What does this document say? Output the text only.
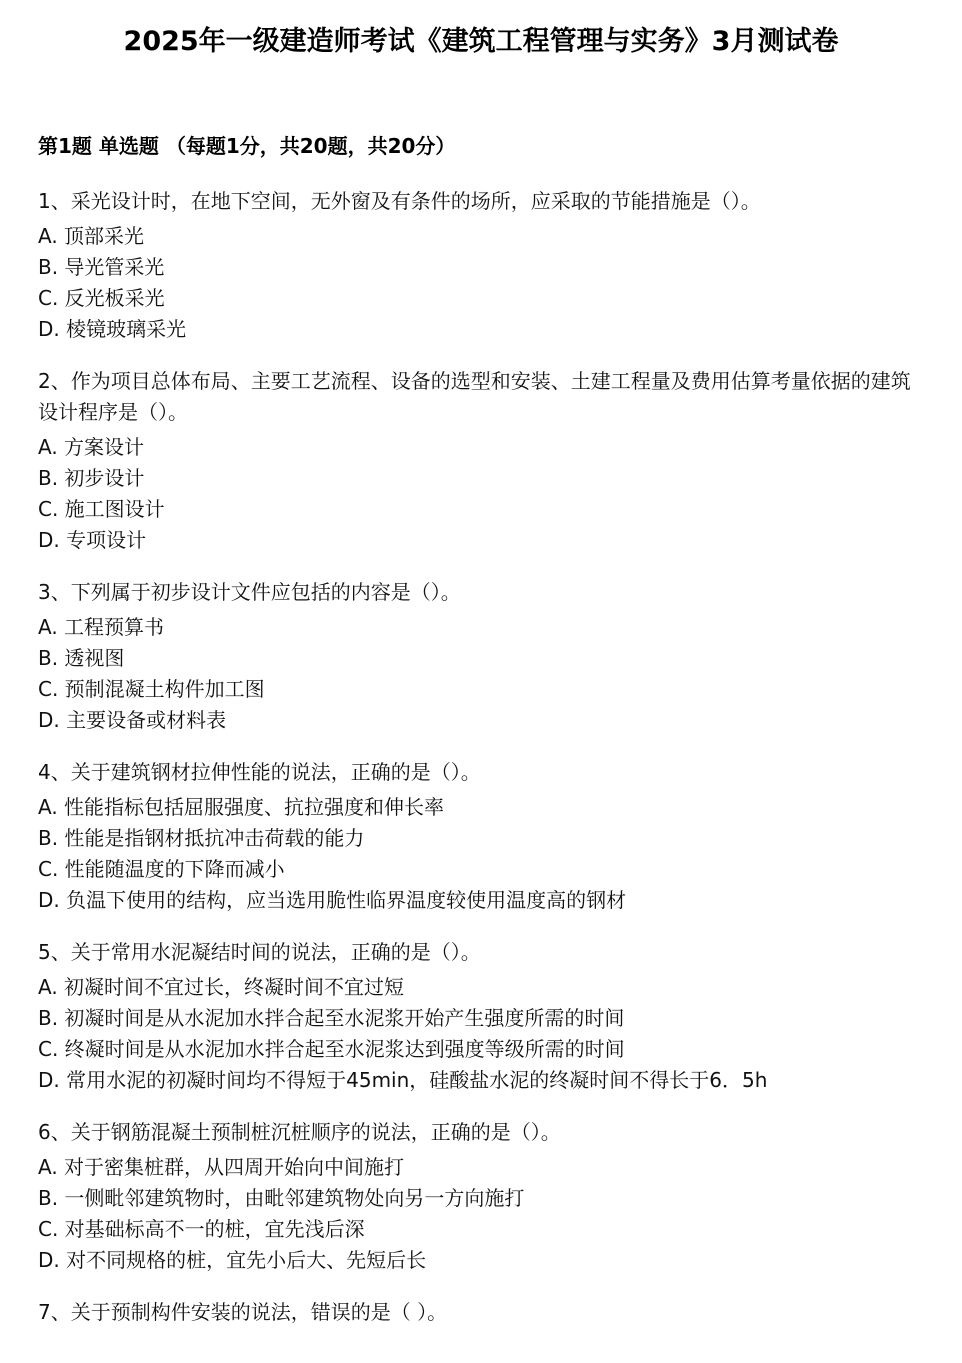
2025年一级建造师考试《建筑工程管理与实务》3月测试卷
第1题 单选题 （每题1分，共20题，共20分）
1、采光设计时，在地下空间，无外窗及有条件的场所，应采取的节能措施是（）。
A. 顶部采光
B. 导光管采光
C. 反光板采光
D. 棱镜玻璃采光
2、作为项目总体布局、主要工艺流程、设备的选型和安装、土建工程量及费用估算考量依据的建筑设计程序是（）。
A. 方案设计
B. 初步设计
C. 施工图设计
D. 专项设计
3、下列属于初步设计文件应包括的内容是（）。
A. 工程预算书
B. 透视图
C. 预制混凝土构件加工图
D. 主要设备或材料表
4、关于建筑钢材拉伸性能的说法，正确的是（）。
A. 性能指标包括屈服强度、抗拉强度和伸长率
B. 性能是指钢材抵抗冲击荷载的能力
C. 性能随温度的下降而减小
D. 负温下使用的结构，应当选用脆性临界温度较使用温度高的钢材
5、关于常用水泥凝结时间的说法，正确的是（）。
A. 初凝时间不宜过长，终凝时间不宜过短
B. 初凝时间是从水泥加水拌合起至水泥浆开始产生强度所需的时间
C. 终凝时间是从水泥加水拌合起至水泥浆达到强度等级所需的时间
D. 常用水泥的初凝时间均不得短于45min，硅酸盐水泥的终凝时间不得长于6．5h
6、关于钢筋混凝土预制桩沉桩顺序的说法，正确的是（）。
A. 对于密集桩群，从四周开始向中间施打
B. 一侧毗邻建筑物时，由毗邻建筑物处向另一方向施打
C. 对基础标高不一的桩，宜先浅后深
D. 对不同规格的桩，宜先小后大、先短后长
7、关于预制构件安装的说法，错误的是（ ）。
